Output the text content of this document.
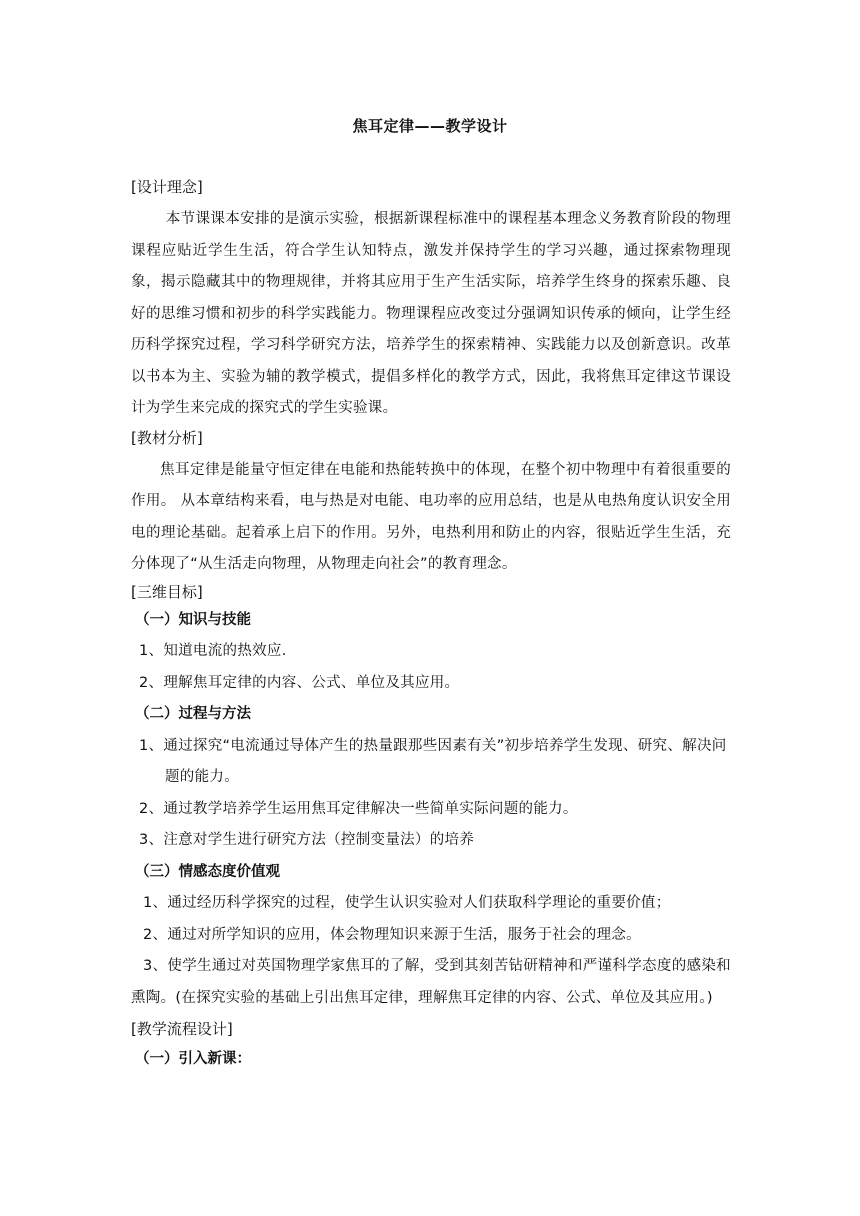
焦耳定律——教学设计
[设计理念]

本节课课本安排的是演示实验，根据新课程标准中的课程基本理念义务教育阶段的物理课程应贴近学生生活，符合学生认知特点，激发并保持学生的学习兴趣，通过探索物理现象，揭示隐藏其中的物理规律，并将其应用于生产生活实际，培养学生终身的探索乐趣、良好的思维习惯和初步的科学实践能力。物理课程应改变过分强调知识传承的倾向，让学生经历科学探究过程，学习科学研究方法，培养学生的探索精神、实践能力以及创新意识。改革以书本为主、实验为辅的教学模式，提倡多样化的教学方式，因此，我将焦耳定律这节课设计为学生来完成的探究式的学生实验课。

[教材分析]

焦耳定律是能量守恒定律在电能和热能转换中的体现，在整个初中物理中有着很重要的作用。 从本章结构来看，电与热是对电能、电功率的应用总结，也是从电热角度认识安全用电的理论基础。起着承上启下的作用。另外，电热利用和防止的内容，很贴近学生生活，充分体现了“从生活走向物理，从物理走向社会”的教育理念。

[三维目标]
（一）知识与技能
1、知道电流的热效应.
2、理解焦耳定律的内容、公式、单位及其应用。
（二）过程与方法
1、通过探究“电流通过导体产生的热量跟那些因素有关”初步培养学生发现、研究、解决问题的能力。
2、通过教学培养学生运用焦耳定律解决一些简单实际问题的能力。
3、注意对学生进行研究方法（控制变量法）的培养
（三）情感态度价值观
1、通过经历科学探究的过程，使学生认识实验对人们获取科学理论的重要价值；
2、通过对所学知识的应用，体会物理知识来源于生活，服务于社会的理念。
3、使学生通过对英国物理学家焦耳的了解，受到其刻苦钻研精神和严谨科学态度的感染和熏陶。(在探究实验的基础上引出焦耳定律，理解焦耳定律的内容、公式、单位及其应用。)
[教学流程设计]
（一）引入新课：
